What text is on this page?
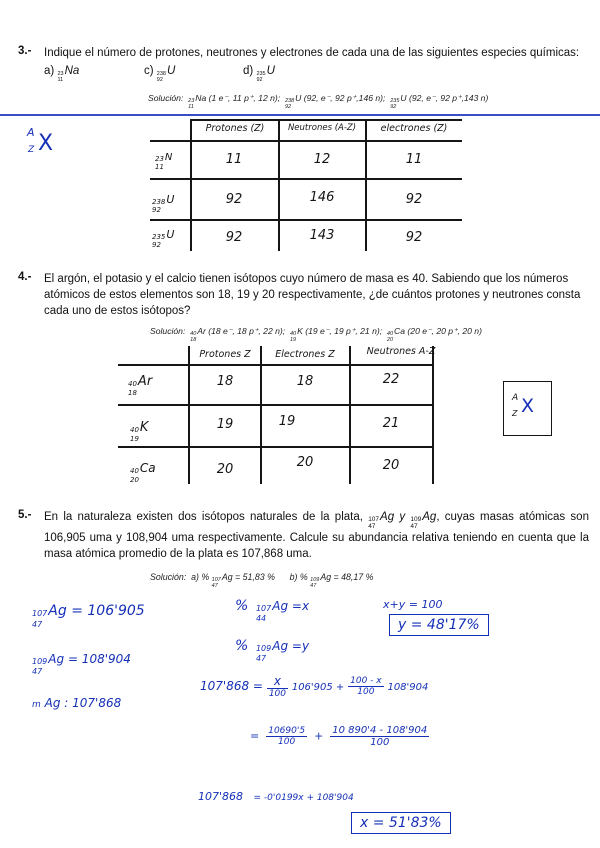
3.- Indique el número de protones, neutrones y electrones de cada una de las siguientes especies químicas:
a) 23
11
Na	c) 238
92
U	d) 235
92
U
Solución: 23
11
Na (1 e⁻, 11 p⁺, 12 n); 238
92
U (92, e⁻, 92 p⁺,146 n); 235
92
U (92, e⁻, 92 p⁺,143 n)
A
Z X
Protones (Z)	Neutrones (A-Z)	electrones (Z)
23
11
N	11	12	11
238
92
U	92	146	92
235
92
U	92	143	92
4.- El argón, el potasio y el calcio tienen isótopos cuyo número de masa es 40. Sabiendo que los números atómicos de estos elementos son 18, 19 y 20 respectivamente, ¿de cuántos protones y neutrones consta cada uno de estos isótopos?
Solución: 40
18
Ar (18 e⁻, 18 p⁺, 22 n); 40
19
K (19 e⁻, 19 p⁺, 21 n); 40
20
Ca (20 e⁻, 20 p⁺, 20 n)
Protones Z	Electrones Z	Neutrones A-Z
40
18
Ar	18	18	22
40
19
K	19	19	21
40
20
Ca	20	20	20
A
Z X
5.- En la naturaleza existen dos isótopos naturales de la plata, 107
47
Ag y 109
47
Ag, cuyas masas atómicas son 106,905 uma y 108,904 uma respectivamente. Calcule su abundancia relativa teniendo en cuenta que la masa atómica promedio de la plata es 107,868 uma.
Solución: a) % 107
47
Ag = 51,83 % b) % 109
47
Ag = 48,17 %
107
47
Ag = 106'905
109
47
Ag = 108'904
m Ag : 107'868
% 107
44
Ag =x
% 109
47
Ag =y
x+y = 100
y = 48'17%
$107'868 = \frac{x}{100} 106'905 + \frac{100 - x}{100} 108'904$
= $\frac{10690'5}{100} + \frac{10 890'4 - 108'904}{100}$
107'868 = -0'0199x + 108'904
x = 51'83%
